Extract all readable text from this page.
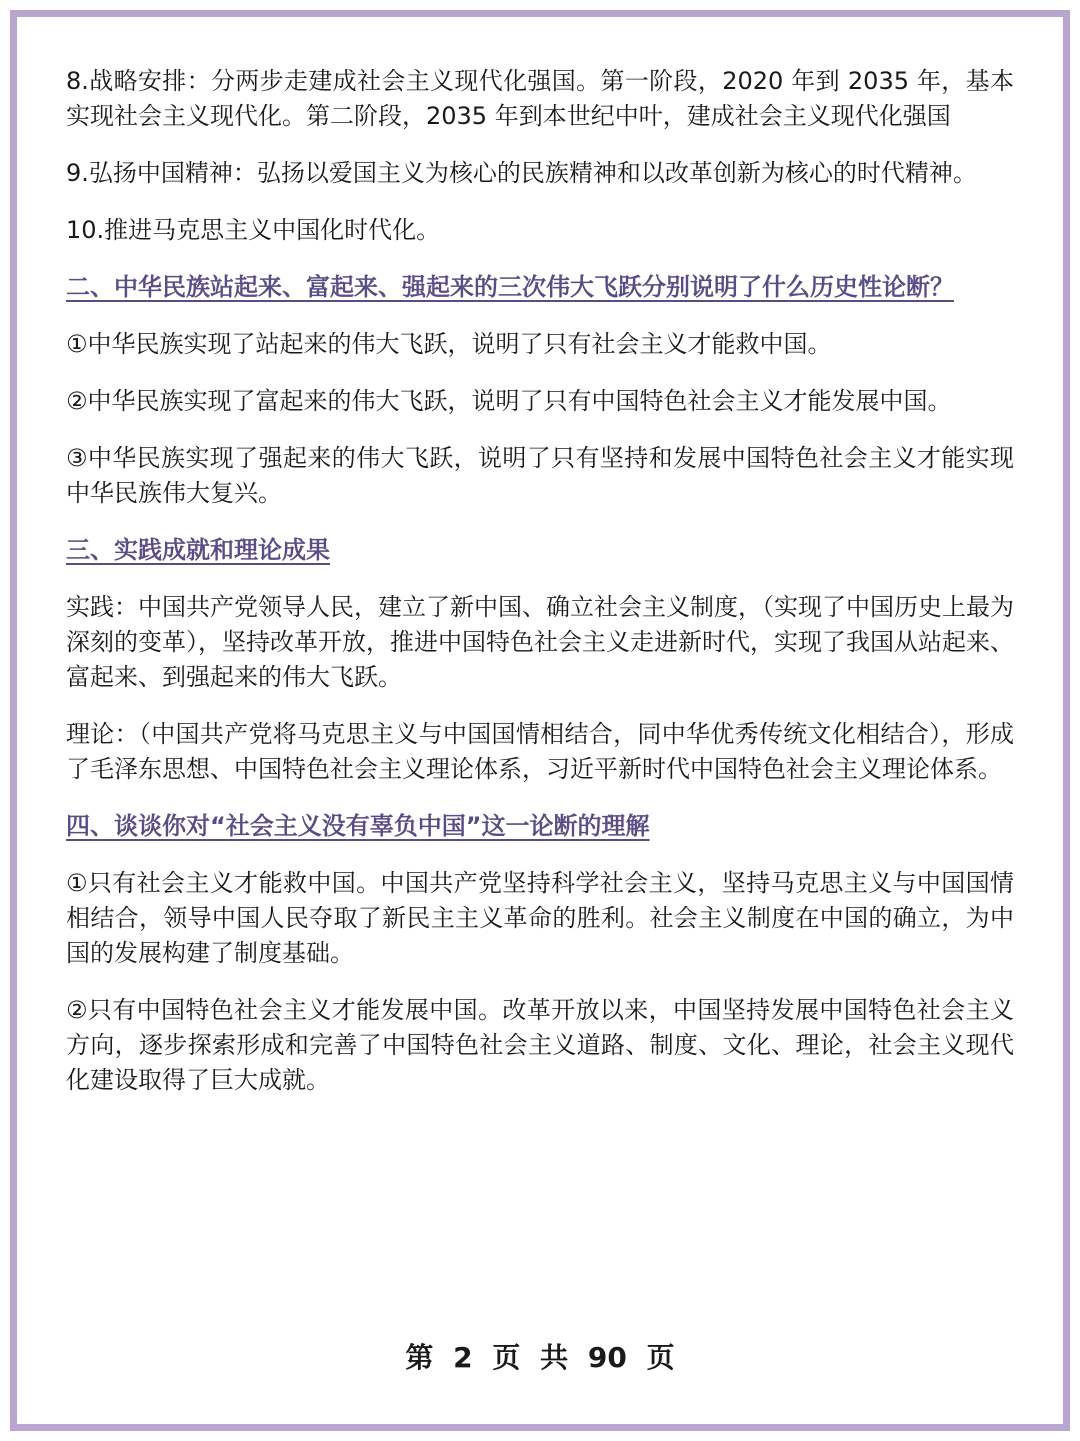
8.战略安排：分两步走建成社会主义现代化强国。第一阶段，2020 年到 2035 年，基本实现社会主义现代化。第二阶段，2035 年到本世纪中叶，建成社会主义现代化强国

9.弘扬中国精神：弘扬以爱国主义为核心的民族精神和以改革创新为核心的时代精神。

10.推进马克思主义中国化时代化。

二、中华民族站起来、富起来、强起来的三次伟大飞跃分别说明了什么历史性论断？

①中华民族实现了站起来的伟大飞跃，说明了只有社会主义才能救中国。

②中华民族实现了富起来的伟大飞跃，说明了只有中国特色社会主义才能发展中国。

③中华民族实现了强起来的伟大飞跃，说明了只有坚持和发展中国特色社会主义才能实现中华民族伟大复兴。

三、实践成就和理论成果

实践：中国共产党领导人民，建立了新中国、确立社会主义制度，（实现了中国历史上最为深刻的变革），坚持改革开放，推进中国特色社会主义走进新时代，实现了我国从站起来、富起来、到强起来的伟大飞跃。

理论：（中国共产党将马克思主义与中国国情相结合，同中华优秀传统文化相结合），形成了毛泽东思想、中国特色社会主义理论体系，习近平新时代中国特色社会主义理论体系。

四、谈谈你对“社会主义没有辜负中国”这一论断的理解

①只有社会主义才能救中国。中国共产党坚持科学社会主义，坚持马克思主义与中国国情相结合，领导中国人民夺取了新民主主义革命的胜利。社会主义制度在中国的确立，为中国的发展构建了制度基础。

②只有中国特色社会主义才能发展中国。改革开放以来，中国坚持发展中国特色社会主义方向，逐步探索形成和完善了中国特色社会主义道路、制度、文化、理论，社会主义现代化建设取得了巨大成就。

第 2 页 共 90 页
